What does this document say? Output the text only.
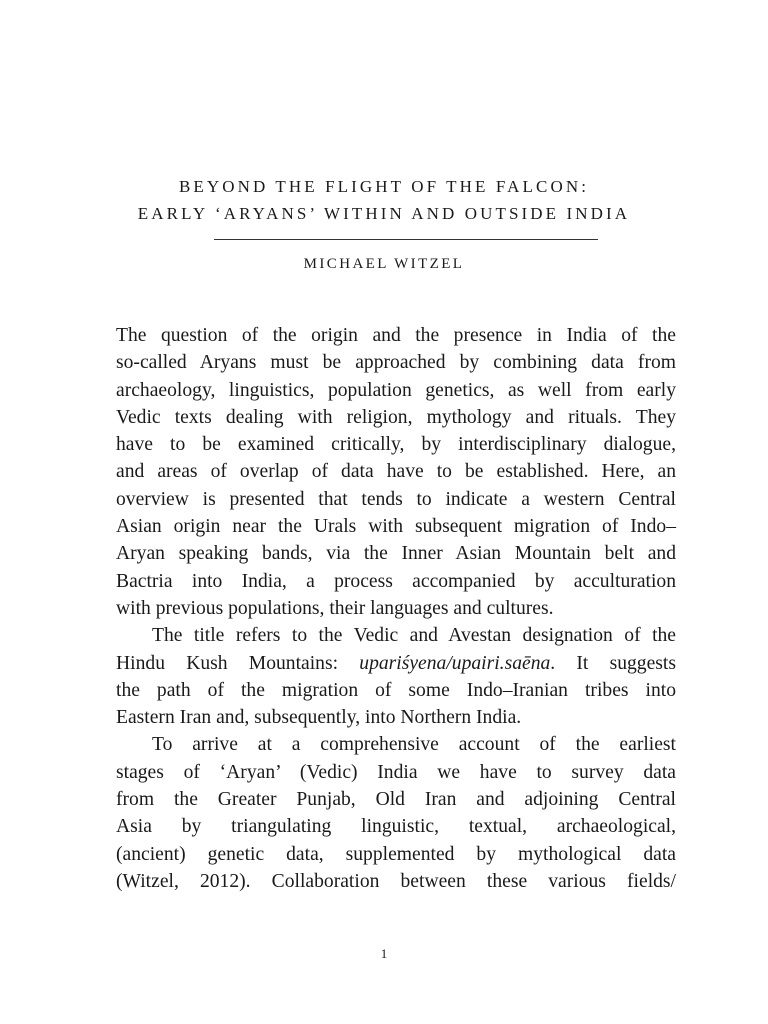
BEYOND THE FLIGHT OF THE FALCON:

EARLY ‘ARYANS’ WITHIN AND OUTSIDE INDIA

MICHAEL WITZEL

The question of the origin and the presence in India of the
so-called Aryans must be approached by combining data from
archaeology, linguistics, population genetics, as well from early
Vedic texts dealing with religion, mythology and rituals. They
have to be examined critically, by interdisciplinary dialogue,
and areas of overlap of data have to be established. Here, an
overview is presented that tends to indicate a western Central
Asian origin near the Urals with subsequent migration of Indo–
Aryan speaking bands, via the Inner Asian Mountain belt and
Bactria into India, a process accompanied by acculturation
with previous populations, their languages and cultures.
The title refers to the Vedic and Avestan designation of the
Hindu Kush Mountains: upariśyena/upairi.saēna. It suggests
the path of the migration of some Indo–Iranian tribes into
Eastern Iran and, subsequently, into Northern India.
To arrive at a comprehensive account of the earliest
stages of ‘Aryan’ (Vedic) India we have to survey data
from the Greater Punjab, Old Iran and adjoining Central
Asia by triangulating linguistic, textual, archaeological,
(ancient) genetic data, supplemented by mythological data
(Witzel, 2012). Collaboration between these various fields/
1
